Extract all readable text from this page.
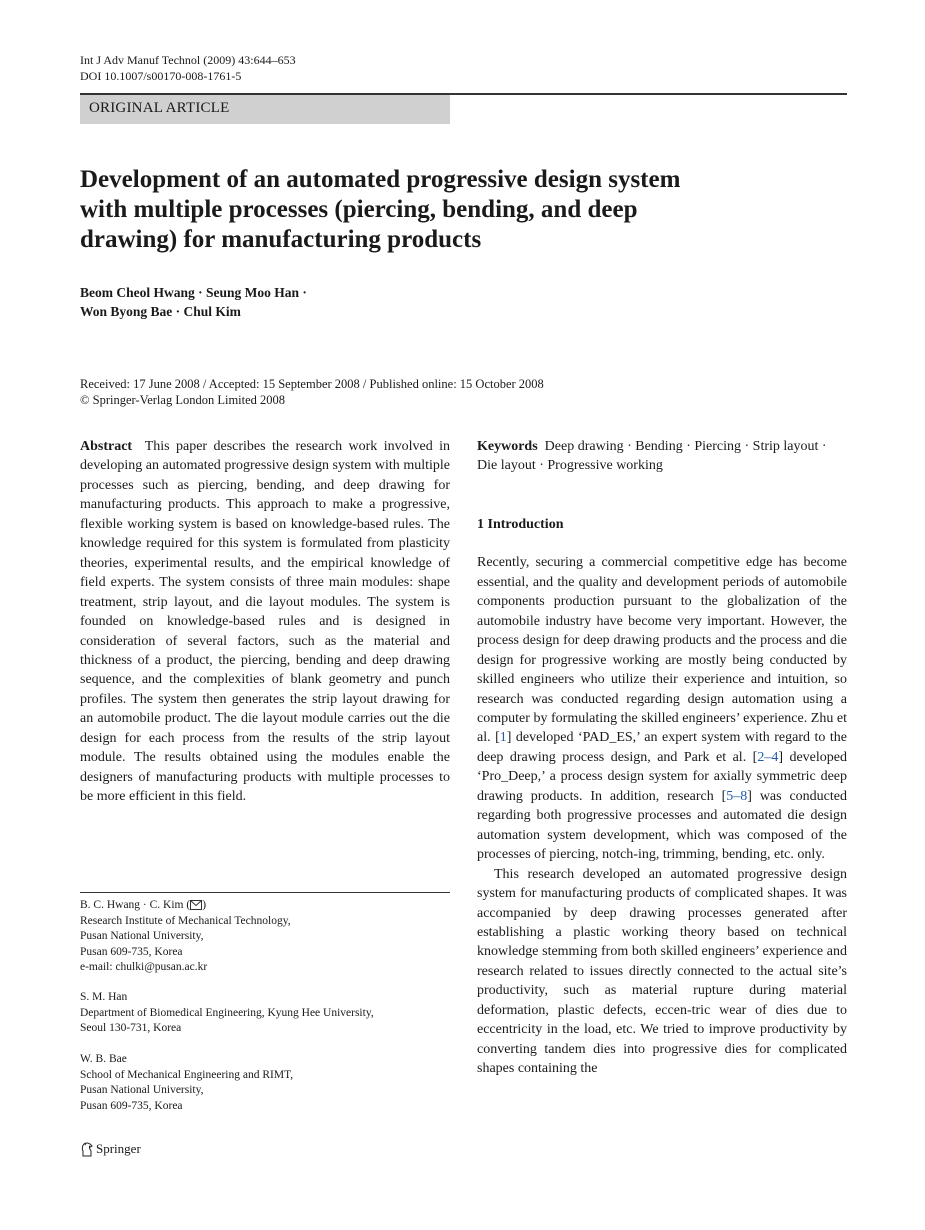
Int J Adv Manuf Technol (2009) 43:644–653
DOI 10.1007/s00170-008-1761-5
ORIGINAL ARTICLE
Development of an automated progressive design system
with multiple processes (piercing, bending, and deep
drawing) for manufacturing products
Beom Cheol Hwang · Seung Moo Han ·
Won Byong Bae · Chul Kim
Received: 17 June 2008 / Accepted: 15 September 2008 / Published online: 15 October 2008
© Springer-Verlag London Limited 2008

Abstract This paper describes the research work involved in developing an automated progressive design system with multiple processes such as piercing, bending, and deep drawing for manufacturing products. This approach to make a progressive, flexible working system is based on knowledge-based rules. The knowledge required for this system is formulated from plasticity theories, experimental results, and the empirical knowledge of field experts. The system consists of three main modules: shape treatment, strip layout, and die layout modules. The system is founded on knowledge-based rules and is designed in consideration of several factors, such as the material and thickness of a product, the piercing, bending and deep drawing sequence, and the complexities of blank geometry and punch profiles. The system then generates the strip layout drawing for an automobile product. The die layout module carries out the die design for each process from the results of the strip layout module. The results obtained using the modules enable the designers of manufacturing products with multiple processes to be more efficient in this field.

B. C. Hwang · C. Kim ( )
Research Institute of Mechanical Technology,
Pusan National University,
Pusan 609-735, Korea
e-mail: chulki@pusan.ac.kr
S. M. Han
Department of Biomedical Engineering, Kyung Hee University,
Seoul 130-731, Korea
W. B. Bae
School of Mechanical Engineering and RIMT,
Pusan National University,
Pusan 609-735, Korea

Keywords Deep drawing · Bending · Piercing · Strip layout · Die layout · Progressive working

1 Introduction

Recently, securing a commercial competitive edge has become essential, and the quality and development periods of automobile components production pursuant to the globalization of the automobile industry have become very important. However, the process design for deep drawing products and the process and die design for progressive working are mostly being conducted by skilled engineers who utilize their experience and intuition, so research was conducted regarding design automation using a computer by formulating the skilled engineers’ experience. Zhu et al. [1] developed ‘PAD_ES,’ an expert system with regard to the deep drawing process design, and Park et al. [2–4] developed ‘Pro_Deep,’ a process design system for axially symmetric deep drawing products. In addition, research [5–8] was conducted regarding both progressive processes and automated die design automation system development, which was composed of the processes of piercing, notch-ing, trimming, bending, etc. only.

This research developed an automated progressive design system for manufacturing products of complicated shapes. It was accompanied by deep drawing processes generated after establishing a plastic working theory based on technical knowledge stemming from both skilled engineers’ experience and research related to issues directly connected to the actual site’s productivity, such as material rupture during material deformation, plastic defects, eccen-tric wear of dies due to eccentricity in the load, etc. We tried to improve productivity by converting tandem dies into progressive dies for complicated shapes containing the

Springer
